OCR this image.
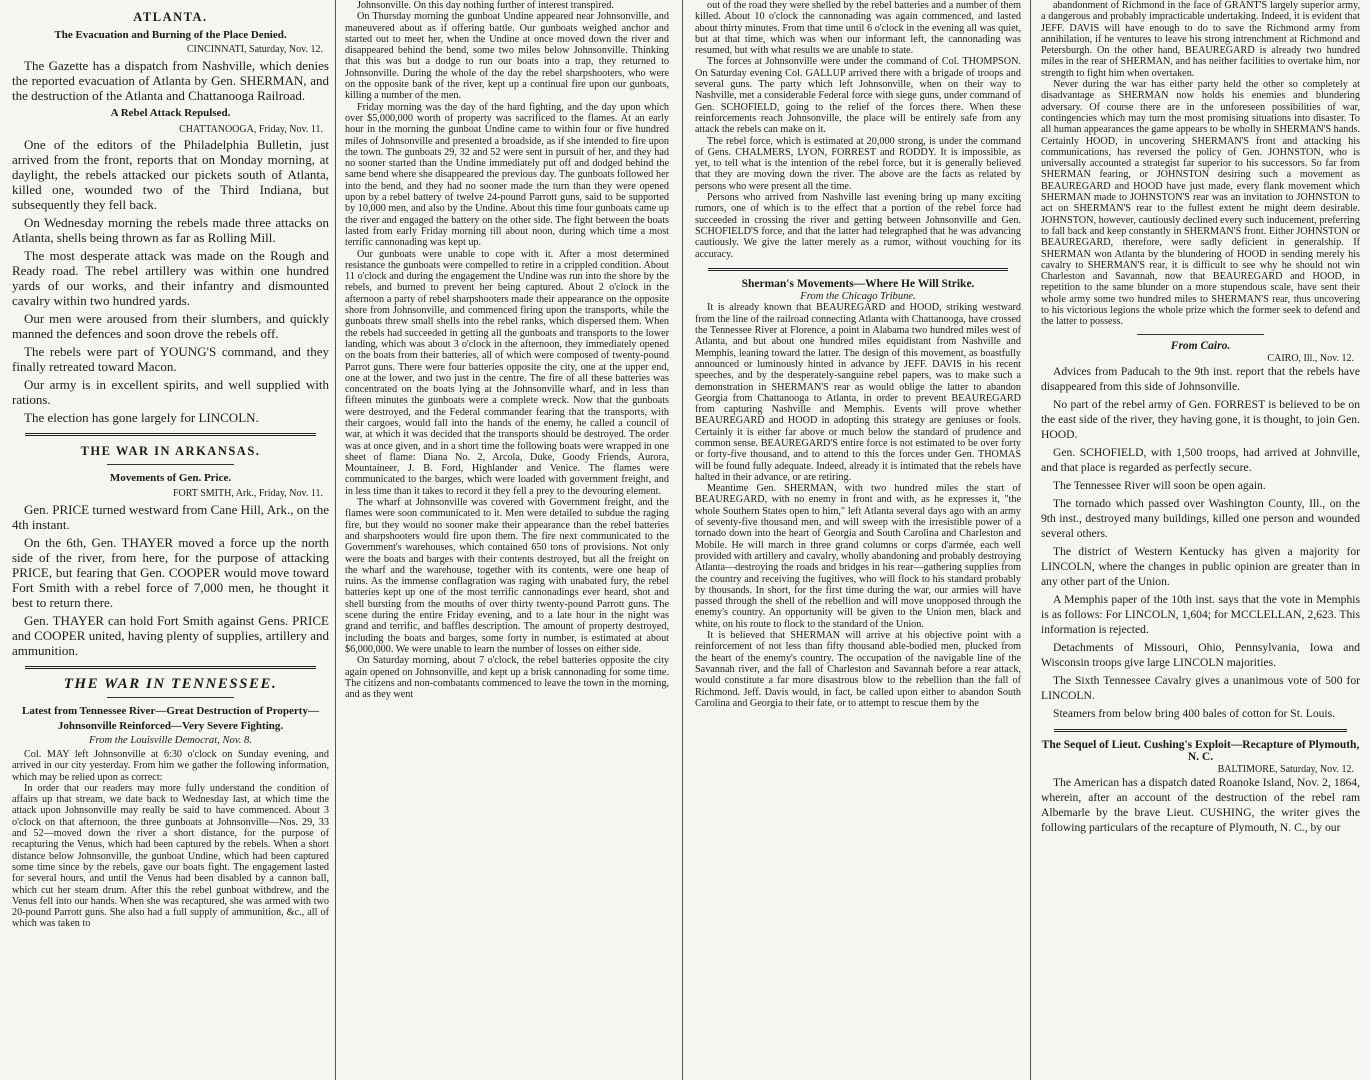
ATLANTA.
The Evacuation and Burning of the Place Denied.
CINCINNATI, Saturday, Nov. 12.

The Gazette has a dispatch from Nashville, which denies the reported evacuation of Atlanta by Gen. SHERMAN, and the destruction of the Atlanta and Chattanooga Railroad.

A Rebel Attack Repulsed.
CHATTANOOGA, Friday, Nov. 11.

One of the editors of the Philadelphia Bulletin, just arrived from the front, reports that on Monday morning, at daylight, the rebels attacked our pickets south of Atlanta, killed one, wounded two of the Third Indiana, but subsequently they fell back.

On Wednesday morning the rebels made three attacks on Atlanta, shells being thrown as far as Rolling Mill.

The most desperate attack was made on the Rough and Ready road. The rebel artillery was within one hundred yards of our works, and their infantry and dismounted cavalry within two hundred yards.

Our men were aroused from their slumbers, and quickly manned the defences and soon drove the rebels off.

The rebels were part of YOUNG'S command, and they finally retreated toward Macon.

Our army is in excellent spirits, and well supplied with rations.

The election has gone largely for LINCOLN.

THE WAR IN ARKANSAS.
Movements of Gen. Price.
FORT SMITH, Ark., Friday, Nov. 11.

Gen. PRICE turned westward from Cane Hill, Ark., on the 4th instant.

On the 6th, Gen. THAYER moved a force up the north side of the river, from here, for the purpose of attacking PRICE, but fearing that Gen. COOPER would move toward Fort Smith with a rebel force of 7,000 men, he thought it best to return there.

Gen. THAYER can hold Fort Smith against Gens. PRICE and COOPER united, having plenty of supplies, artillery and ammunition.

THE WAR IN TENNESSEE.
Latest from Tennessee River—Great Destruction of Property—Johnsonville Reinforced—Very Severe Fighting.
From the Louisville Democrat, Nov. 8.

Col. MAY left Johnsonville at 6:30 o'clock on Sunday evening, and arrived in our city yesterday. From him we gather the following information, which may be relied upon as correct:

In order that our readers may more fully understand the condition of affairs up that stream, we date back to Wednesday last, at which time the attack upon Johnsonville may really be said to have commenced. About 3 o'clock on that afternoon, the three gunboats at Johnsonville—Nos. 29, 33 and 52—moved down the river a short distance, for the purpose of recapturing the Venus, which had been captured by the rebels. When a short distance below Johnsonville, the gunboat Undine, which had been captured some time since by the rebels, gave our boats fight. The engagement lasted for several hours, and until the Venus had been disabled by a cannon ball, which cut her steam drum. After this the rebel gunboat withdrew, and the Venus fell into our hands. When she was recaptured, she was armed with two 20-pound Parrott guns. She also had a full supply of ammunition, &c., all of which was taken to

Johnsonville. On this day nothing further of interest transpired.

On Thursday morning the gunboat Undine appeared near Johnsonville, and maneuvered about as if offering battle. Our gunboats weighed anchor and started out to meet her, when the Undine at once moved down the river and disappeared behind the bend, some two miles below Johnsonville. Thinking that this was but a dodge to run our boats into a trap, they returned to Johnsonville. During the whole of the day the rebel sharpshooters, who were on the opposite bank of the river, kept up a continual fire upon our gunboats, killing a number of the men.

Friday morning was the day of the hard fighting, and the day upon which over $5,000,000 worth of property was sacrificed to the flames. At an early hour in the morning the gunboat Undine came to within four or five hundred miles of Johnsonville and presented a broadside, as if she intended to fire upon the town. The gunboats 29, 32 and 52 were sent in pursuit of her, and they had no sooner started than the Undine immediately put off and dodged behind the same bend where she disappeared the previous day. The gunboats followed her into the bend, and they had no sooner made the turn than they were opened upon by a rebel battery of twelve 24-pound Parrott guns, said to be supported by 10,000 men, and also by the Undine. About this time four gunboats came up the river and engaged the battery on the other side. The fight between the boats lasted from early Friday morning till about noon, during which time a most terrific cannonading was kept up.

Our gunboats were unable to cope with it. After a most determined resistance the gunboats were compelled to retire in a crippled condition. About 11 o'clock and during the engagement the Undine was run into the shore by the rebels, and burned to prevent her being captured. About 2 o'clock in the afternoon a party of rebel sharpshooters made their appearance on the opposite shore from Johnsonville, and commenced firing upon the transports, while the gunboats threw small shells into the rebel ranks, which dispersed them. When the rebels had succeeded in getting all the gunboats and transports to the lower landing, which was about 3 o'clock in the afternoon, they immediately opened on the boats from their batteries, all of which were composed of twenty-pound Parrot guns. There were four batteries opposite the city, one at the upper end, one at the lower, and two just in the centre. The fire of all these batteries was concentrated on the boats lying at the Johnsonville wharf, and in less than fifteen minutes the gunboats were a complete wreck. Now that the gunboats were destroyed, and the Federal commander fearing that the transports, with their cargoes, would fall into the hands of the enemy, he called a council of war, at which it was decided that the transports should be destroyed. The order was at once given, and in a short time the following boats were wrapped in one sheet of flame: Diana No. 2, Arcola, Duke, Goody Friends, Aurora, Mountaineer, J. B. Ford, Highlander and Venice. The flames were communicated to the barges, which were loaded with government freight, and in less time than it takes to record it they fell a prey to the devouring element.

The wharf at Johnsonville was covered with Government freight, and the flames were soon communicated to it. Men were detailed to subdue the raging fire, but they would no sooner make their appearance than the rebel batteries and sharpshooters would fire upon them. The fire next communicated to the Government's warehouses, which contained 650 tons of provisions. Not only were the boats and barges with their contents destroyed, but all the freight on the wharf and the warehouse, together with its contents, were one heap of ruins. As the immense conflagration was raging with unabated fury, the rebel batteries kept up one of the most terrific cannonadings ever heard, shot and shell bursting from the mouths of over thirty twenty-pound Parrott guns. The scene during the entire Friday evening, and to a late hour in the night was grand and terrific, and baffles description. The amount of property destroyed, including the boats and barges, some forty in number, is estimated at about $6,000,000. We were unable to learn the number of losses on either side.

On Saturday morning, about 7 o'clock, the rebel batteries opposite the city again opened on Johnsonville, and kept up a brisk cannonading for some time. The citizens and non-combatants commenced to leave the town in the morning, and as they went

out of the road they were shelled by the rebel batteries and a number of them killed. About 10 o'clock the cannonading was again commenced, and lasted about thirty minutes. From that time until 6 o'clock in the evening all was quiet, but at that time, which was when our informant left, the cannonading was resumed, but with what results we are unable to state.

The forces at Johnsonville were under the command of Col. THOMPSON. On Saturday evening Col. GALLUP arrived there with a brigade of troops and several guns. The party which left Johnsonville, when on their way to Nashville, met a considerable Federal force with siege guns, under command of Gen. SCHOFIELD, going to the relief of the forces there. When these reinforcements reach Johnsonville, the place will be entirely safe from any attack the rebels can make on it.

The rebel force, which is estimated at 20,000 strong, is under the command of Gens. CHALMERS, LYON, FORREST and RODDY. It is impossible, as yet, to tell what is the intention of the rebel force, but it is generally believed that they are moving down the river. The above are the facts as related by persons who were present all the time.

Persons who arrived from Nashville last evening bring up many exciting rumors, one of which is to the effect that a portion of the rebel force had succeeded in crossing the river and getting between Johnsonville and Gen. SCHOFIELD'S force, and that the latter had telegraphed that he was advancing cautiously. We give the latter merely as a rumor, without vouching for its accuracy.

Sherman's Movements—Where He Will Strike.
From the Chicago Tribune.

It is already known that BEAUREGARD and HOOD, striking westward from the line of the railroad connecting Atlanta with Chattanooga, have crossed the Tennessee River at Florence, a point in Alabama two hundred miles west of Atlanta, and but about one hundred miles equidistant from Nashville and Memphis, leaning toward the latter. The design of this movement, as boastfully announced or luminously hinted in advance by JEFF. DAVIS in his recent speeches, and by the desperately-sanguine rebel papers, was to make such a demonstration in SHERMAN'S rear as would oblige the latter to abandon Georgia from Chattanooga to Atlanta, in order to prevent BEAUREGARD from capturing Nashville and Memphis. Events will prove whether BEAUREGARD and HOOD in adopting this strategy are geniuses or fools. Certainly it is either far above or much below the standard of prudence and common sense. BEAUREGARD'S entire force is not estimated to be over forty or forty-five thousand, and to attend to this the forces under Gen. THOMAS will be found fully adequate. Indeed, already it is intimated that the rebels have halted in their advance, or are retiring.

Meantime Gen. SHERMAN, with two hundred miles the start of BEAUREGARD, with no enemy in front and with, as he expresses it, "the whole Southern States open to him," left Atlanta several days ago with an army of seventy-five thousand men, and will sweep with the irresistible power of a tornado down into the heart of Georgia and South Carolina and Charleston and Mobile. He will march in three grand columns or corps d'armée, each well provided with artillery and cavalry, wholly abandoning and probably destroying Atlanta—destroying the roads and bridges in his rear—gathering supplies from the country and receiving the fugitives, who will flock to his standard probably by thousands. In short, for the first time during the war, our armies will have passed through the shell of the rebellion and will move unopposed through the enemy's country. An opportunity will be given to the Union men, black and white, on his route to flock to the standard of the Union.

It is believed that SHERMAN will arrive at his objective point with a reinforcement of not less than fifty thousand able-bodied men, plucked from the heart of the enemy's country. The occupation of the navigable line of the Savannah river, and the fall of Charleston and Savannah before a rear attack, would constitute a far more disastrous blow to the rebellion than the fall of Richmond. Jeff. Davis would, in fact, be called upon either to abandon South Carolina and Georgia to their fate, or to attempt to rescue them by the

abandonment of Richmond in the face of GRANT'S largely superior army, a dangerous and probably impracticable undertaking. Indeed, it is evident that JEFF. DAVIS will have enough to do to save the Richmond army from annihilation, if he ventures to leave his strong intrenchment at Richmond and Petersburgh. On the other hand, BEAUREGARD is already two hundred miles in the rear of SHERMAN, and has neither facilities to overtake him, nor strength to fight him when overtaken.

Never during the war has either party held the other so completely at disadvantage as SHERMAN now holds his enemies and blundering adversary. Of course there are in the unforeseen possibilities of war, contingencies which may turn the most promising situations into disaster. To all human appearances the game appears to be wholly in SHERMAN'S hands. Certainly HOOD, in uncovering SHERMAN'S front and attacking his communications, has reversed the policy of Gen. JOHNSTON, who is universally accounted a strategist far superior to his successors. So far from SHERMAN fearing, or JOHNSTON desiring such a movement as BEAUREGARD and HOOD have just made, every flank movement which SHERMAN made to JOHNSTON'S rear was an invitation to JOHNSTON to act on SHERMAN'S rear to the fullest extent he might deem desirable. JOHNSTON, however, cautiously declined every such inducement, preferring to fall back and keep constantly in SHERMAN'S front. Either JOHNSTON or BEAUREGARD, therefore, were sadly deficient in generalship. If SHERMAN won Atlanta by the blundering of HOOD in sending merely his cavalry to SHERMAN'S rear, it is difficult to see why he should not win Charleston and Savannah, now that BEAUREGARD and HOOD, in repetition to the same blunder on a more stupendous scale, have sent their whole army some two hundred miles to SHERMAN'S rear, thus uncovering to his victorious legions the whole prize which the former seek to defend and the latter to possess.

From Cairo.
CAIRO, Ill., Nov. 12.

Advices from Paducah to the 9th inst. report that the rebels have disappeared from this side of Johnsonville.

No part of the rebel army of Gen. FORREST is believed to be on the east side of the river, they having gone, it is thought, to join Gen. HOOD.

Gen. SCHOFIELD, with 1,500 troops, had arrived at Johnville, and that place is regarded as perfectly secure.

The Tennessee River will soon be open again.

The tornado which passed over Washington County, Ill., on the 9th inst., destroyed many buildings, killed one person and wounded several others.

The district of Western Kentucky has given a majority for LINCOLN, where the changes in public opinion are greater than in any other part of the Union.

A Memphis paper of the 10th inst. says that the vote in Memphis is as follows: For LINCOLN, 1,604; for MCCLELLAN, 2,623. This information is rejected.

Detachments of Missouri, Ohio, Pennsylvania, Iowa and Wisconsin troops give large LINCOLN majorities.

The Sixth Tennessee Cavalry gives a unanimous vote of 500 for LINCOLN.

Steamers from below bring 400 bales of cotton for St. Louis.

The Sequel of Lieut. Cushing's Exploit—Recapture of Plymouth, N. C.
BALTIMORE, Saturday, Nov. 12.

The American has a dispatch dated Roanoke Island, Nov. 2, 1864, wherein, after an account of the destruction of the rebel ram Albemarle by the brave Lieut. CUSHING, the writer gives the following particulars of the recapture of Plymouth, N. C., by our
